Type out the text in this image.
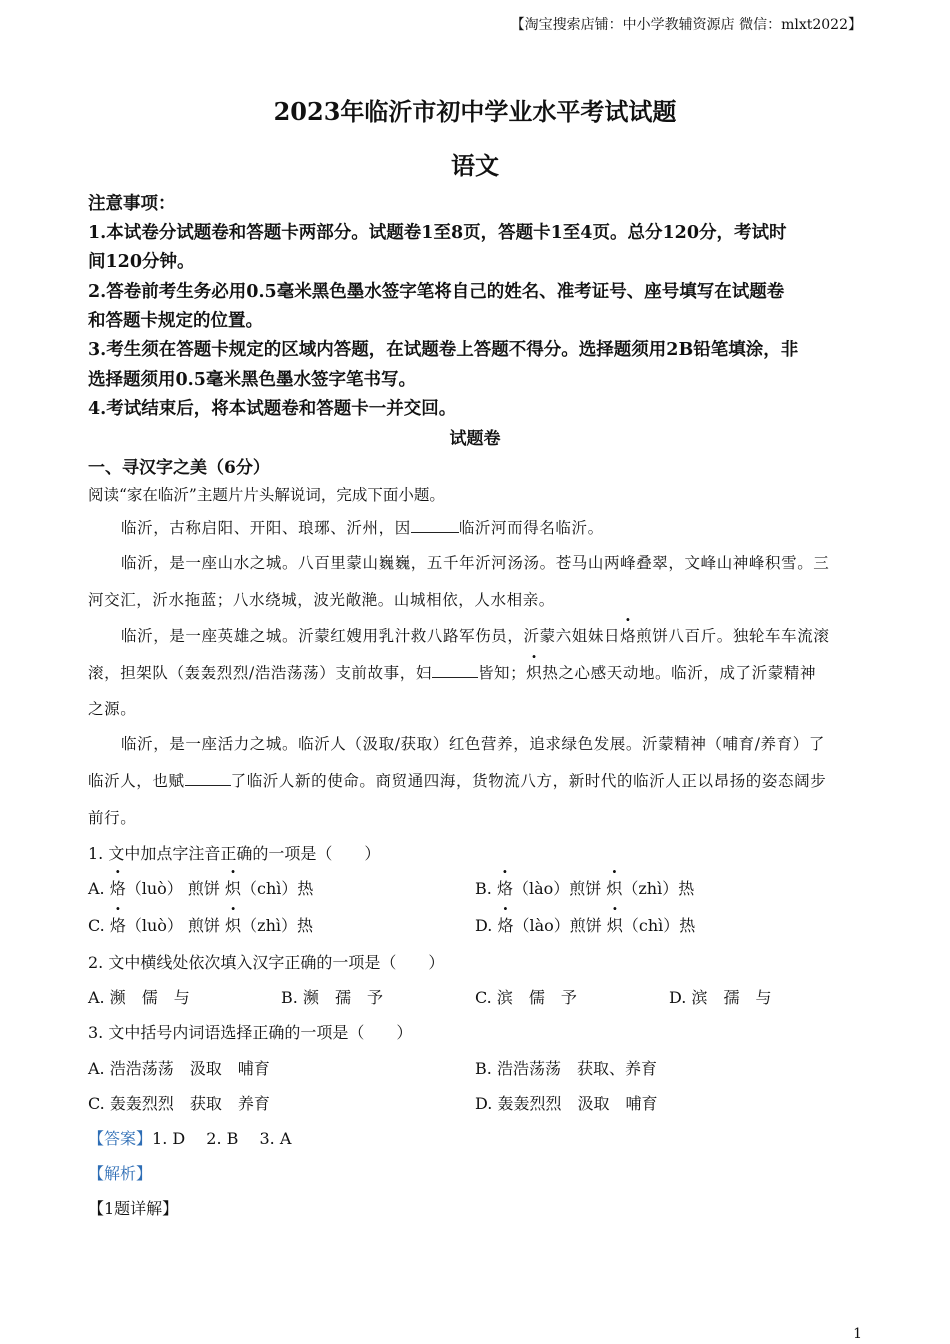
【淘宝搜索店铺：中小学教辅资源店 微信：mlxt2022】
2023年临沂市初中学业水平考试试题
语文
注意事项：
1.本试卷分试题卷和答题卡两部分。试题卷1至8页，答题卡1至4页。总分120分，考试时
间120分钟。
2.答卷前考生务必用0.5毫米黑色墨水签字笔将自己的姓名、准考证号、座号填写在试题卷
和答题卡规定的位置。
3.考生须在答题卡规定的区域内答题，在试题卷上答题不得分。选择题须用2B铅笔填涂，非
选择题须用0.5毫米黑色墨水签字笔书写。
4.考试结束后，将本试题卷和答题卡一并交回。
试题卷
一、寻汉字之美（6分）
阅读“家在临沂”主题片片头解说词，完成下面小题。
临沂，古称启阳、开阳、琅琊、沂州，因	临沂河而得名临沂。
临沂，是一座山水之城。八百里蒙山巍巍，五千年沂河汤汤。苍马山两峰叠翠，文峰山神峰积雪。三
河交汇，沂水拖蓝；八水绕城，波光敞滟。山城相依，人水相亲。
临沂，是一座英雄之城。沂蒙红嫂用乳汁救八路军伤员，沂蒙六姐妹日烙煎饼八百斤。独轮车车流滚
滚，担架队（轰轰烈烈/浩浩荡荡）支前故事，妇	皆知；炽热之心感天动地。临沂，成了沂蒙精神
之源。
临沂，是一座活力之城。临沂人（汲取/获取）红色营养，追求绿色发展。沂蒙精神（哺育/养育）了
临沂人，也赋	了临沂人新的使命。商贸通四海，货物流八方，新时代的临沂人正以昂扬的姿态阔步
前行。
1. 文中加点字注音正确的一项是（　　）
A. 烙（luò） 煎饼 炽（chì）热	B. 烙（lào）煎饼 炽（zhì）热
C. 烙（luò） 煎饼 炽（zhì）热	D. 烙（lào）煎饼 炽（chì）热
2. 文中横线处依次填入汉字正确的一项是（　　）
A. 濒　儒　与	B. 濒　孺　予	C. 滨　儒　予	D. 滨　孺　与
3. 文中括号内词语选择正确的一项是（　　）
A. 浩浩荡荡　汲取　哺育	B. 浩浩荡荡　获取、养育
C. 轰轰烈烈　获取　养育	D. 轰轰烈烈　汲取　哺育
【答案】1. D　 2. B　 3. A
【解析】
【1题详解】
1
